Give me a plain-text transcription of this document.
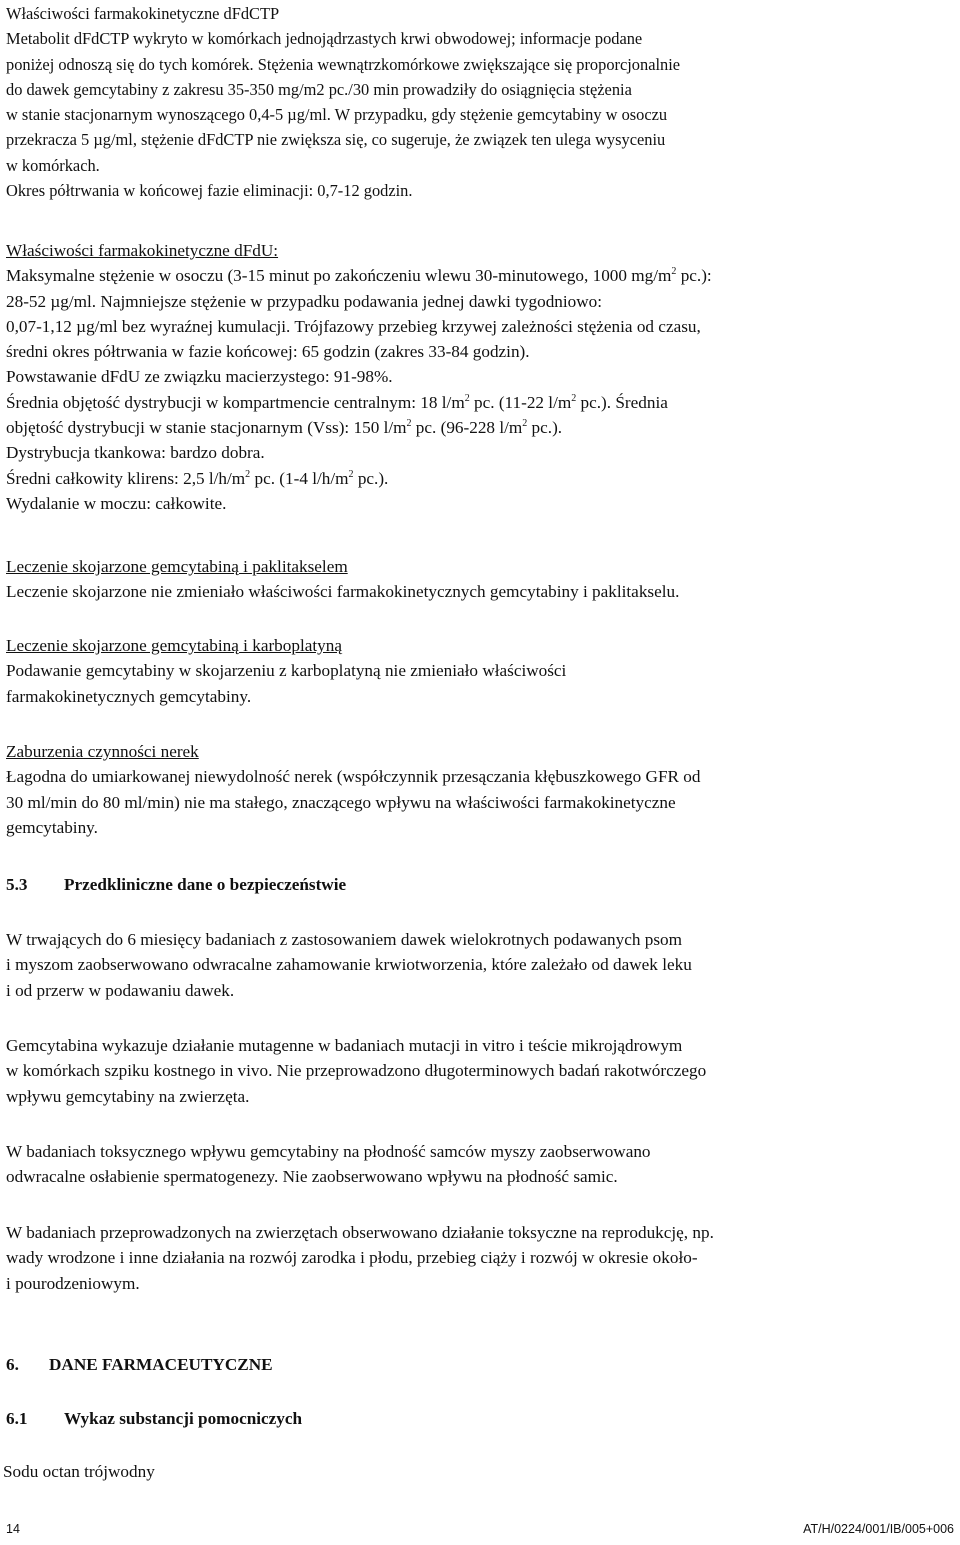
Właściwości farmakokinetyczne dFdCTP
Metabolit dFdCTP wykryto w komórkach jednojądrzastych krwi obwodowej; informacje podane
poniżej odnoszą się do tych komórek. Stężenia wewnątrzkomórkowe zwiększające się proporcjonalnie
do dawek gemcytabiny z zakresu 35-350 mg/m2 pc./30 min prowadziły do osiągnięcia stężenia
w stanie stacjonarnym wynoszącego 0,4-5 µg/ml. W przypadku, gdy stężenie gemcytabiny w osoczu
przekracza 5 µg/ml, stężenie dFdCTP nie zwiększa się, co sugeruje, że związek ten ulega wysyceniu
w komórkach.
Okres półtrwania w końcowej fazie eliminacji: 0,7-12 godzin.
Właściwości farmakokinetyczne dFdU:
Maksymalne stężenie w osoczu (3-15 minut po zakończeniu wlewu 30-minutowego, 1000 $mg/m^2$ pc.):
28-52 µg/ml. Najmniejsze stężenie w przypadku podawania jednej dawki tygodniowo:
0,07-1,12 µg/ml bez wyraźnej kumulacji. Trójfazowy przebieg krzywej zależności stężenia od czasu,
średni okres półtrwania w fazie końcowej: 65 godzin (zakres 33-84 godzin).
Powstawanie dFdU ze związku macierzystego: 91-98%.
Średnia objętość dystrybucji w kompartmencie centralnym: 18 $l/m^2$ pc. (11-22 $l/m^2$ pc.). Średnia
objętość dystrybucji w stanie stacjonarnym (Vss): 150 $l/m^2$ pc. (96-228 $l/m^2$ pc.).
Dystrybucja tkankowa: bardzo dobra.
Średni całkowity klirens: 2,5 $l/h/m^2$ pc. (1-4 $l/h/m^2$ pc.).
Wydalanie w moczu: całkowite.
Leczenie skojarzone gemcytabiną i paklitakselem
Leczenie skojarzone nie zmieniało właściwości farmakokinetycznych gemcytabiny i paklitakselu.
Leczenie skojarzone gemcytabiną i karboplatyną
Podawanie gemcytabiny w skojarzeniu z karboplatyną nie zmieniało właściwości
farmakokinetycznych gemcytabiny.
Zaburzenia czynności nerek
Łagodna do umiarkowanej niewydolność nerek (współczynnik przesączania kłębuszkowego GFR od
30 ml/min do 80 ml/min) nie ma stałego, znaczącego wpływu na właściwości farmakokinetyczne
gemcytabiny.
5.3 Przedkliniczne dane o bezpieczeństwie
W trwających do 6 miesięcy badaniach z zastosowaniem dawek wielokrotnych podawanych psom
i myszom zaobserwowano odwracalne zahamowanie krwiotworzenia, które zależało od dawek leku
i od przerw w podawaniu dawek.
Gemcytabina wykazuje działanie mutagenne w badaniach mutacji in vitro i teście mikrojądrowym
w komórkach szpiku kostnego in vivo. Nie przeprowadzono długoterminowych badań rakotwórczego
wpływu gemcytabiny na zwierzęta.
W badaniach toksycznego wpływu gemcytabiny na płodność samców myszy zaobserwowano
odwracalne osłabienie spermatogenezy. Nie zaobserwowano wpływu na płodność samic.
W badaniach przeprowadzonych na zwierzętach obserwowano działanie toksyczne na reprodukcję, np.
wady wrodzone i inne działania na rozwój zarodka i płodu, przebieg ciąży i rozwój w okresie około-
i pourodzeniowym.
6. DANE FARMACEUTYCZNE
6.1 Wykaz substancji pomocniczych
Sodu octan trójwodny
14	AT/H/0224/001/IB/005+006
